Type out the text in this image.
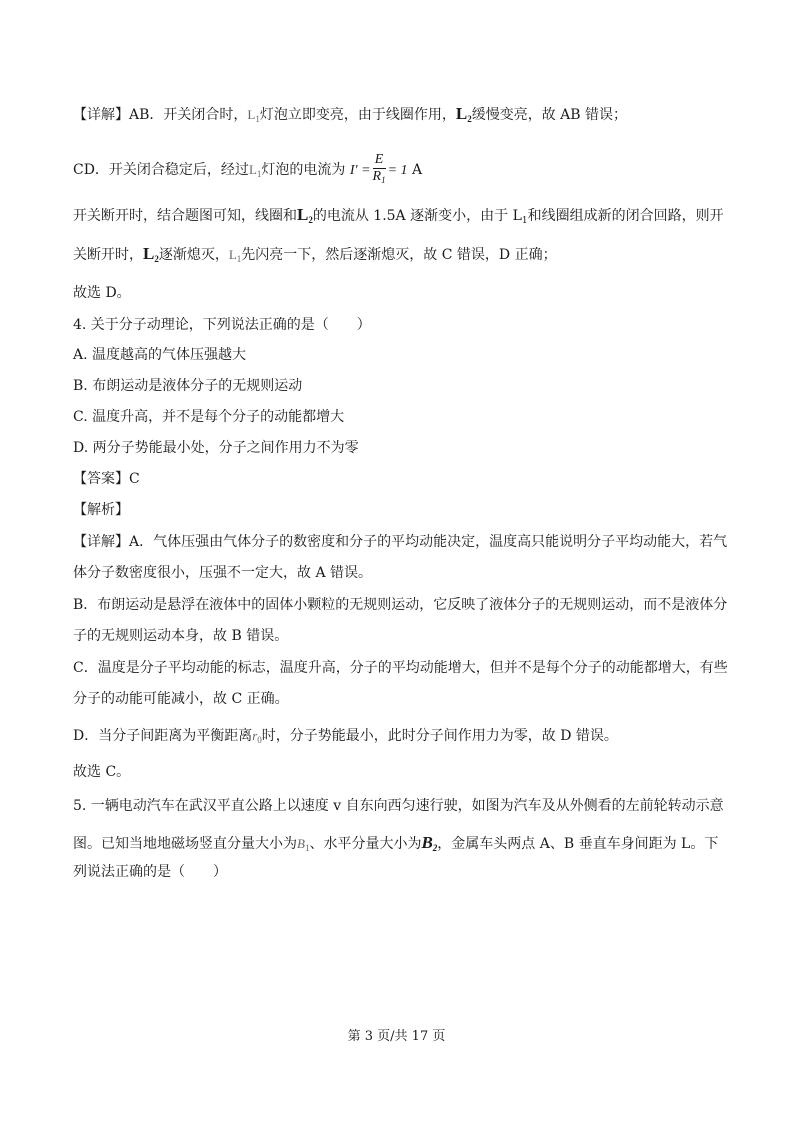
【详解】AB．开关闭合时，$L_1$灯泡立即变亮，由于线圈作用，$L_2$缓慢变亮，故 AB 错误；
CD．开关闭合稳定后，经过$L_1$灯泡的电流为 $I' = \frac{E}{R_1} = 1$ A
开关断开时，结合题图可知，线圈和$L_2$的电流从 1.5A 逐渐变小，由于 $L_1$和线圈组成新的闭合回路，则开
关断开时，$L_2$逐渐熄灭，$L_1$先闪亮一下，然后逐渐熄灭，故 C 错误，D 正确；
故选 D。
4. 关于分子动理论，下列说法正确的是（　　）
A. 温度越高的气体压强越大
B. 布朗运动是液体分子的无规则运动
C. 温度升高，并不是每个分子的动能都增大
D. 两分子势能最小处，分子之间作用力不为零
【答案】C
【解析】
【详解】A．气体压强由气体分子的数密度和分子的平均动能决定，温度高只能说明分子平均动能大，若气
体分子数密度很小，压强不一定大，故 A 错误。
B．布朗运动是悬浮在液体中的固体小颗粒的无规则运动，它反映了液体分子的无规则运动，而不是液体分
子的无规则运动本身，故 B 错误。
C．温度是分子平均动能的标志，温度升高，分子的平均动能增大，但并不是每个分子的动能都增大，有些
分子的动能可能减小，故 C 正确。
D．当分子间距离为平衡距离$r_0$时，分子势能最小，此时分子间作用力为零，故 D 错误。
故选 C。
5. 一辆电动汽车在武汉平直公路上以速度 v 自东向西匀速行驶，如图为汽车及从外侧看的左前轮转动示意
图。已知当地地磁场竖直分量大小为$B_1$、水平分量大小为$B_2$，金属车头两点 A、B 垂直车身间距为 L。下
列说法正确的是（　　）
第 3 页/共 17 页
